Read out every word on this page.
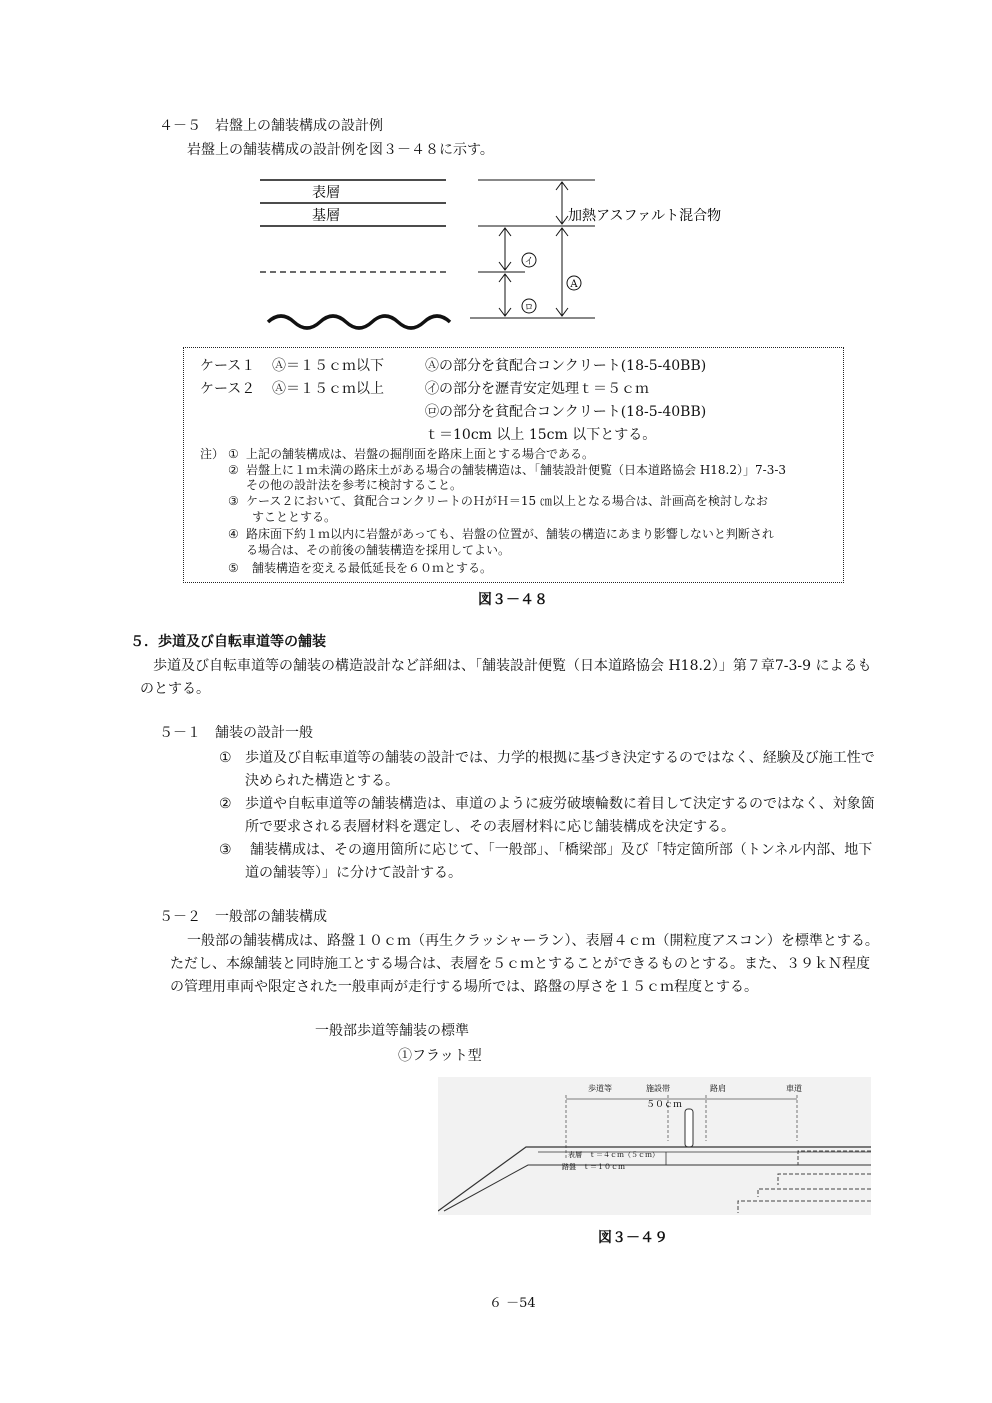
４－５　岩盤上の舗装構成の設計例
岩盤上の舗装構成の設計例を図３－４８に示す。
表層
基層	加熱アスファルト混合物
イ
ロ
A
ケース１ Ⓐ＝１５ｃｍ以下	Ⓐの部分を貧配合コンクリート(18-5-40BB)
ケース２ Ⓐ＝１５ｃｍ以上	㋑の部分を瀝青安定処理ｔ＝５ｃｍ
㋺の部分を貧配合コンクリート(18-5-40BB)
ｔ＝10cm 以上 15cm 以下とする。
注） ① 上記の舗装構成は、岩盤の掘削面を路床上面とする場合である。
② 岩盤上に１ｍ未満の路床土がある場合の舗装構造は、「舗装設計便覧（日本道路協会 H18.2）」7-3-3
その他の設計法を参考に検討すること。
③ ケース２において、貧配合コンクリートのＨがＨ＝15 ㎝以上となる場合は、計画高を検討しなお
すこととする。
④ 路床面下約１ｍ以内に岩盤があっても、岩盤の位置が、舗装の構造にあまり影響しないと判断され
る場合は、その前後の舗装構造を採用してよい。
⑤ 舗装構造を変える最低延長を６０ｍとする。
図３－４８
５．歩道及び自転車道等の舗装
歩道及び自転車道等の舗装の構造設計など詳細は、「舗装設計便覧（日本道路協会 H18.2）」第７章7-3-9 によるも
のとする。
５－１　舗装の設計一般
① 歩道及び自転車道等の舗装の設計では、力学的根拠に基づき決定するのではなく、経験及び施工性で
決められた構造とする。
② 歩道や自転車道等の舗装構造は、車道のように疲労破壊輪数に着目して決定するのではなく、対象箇
所で要求される表層材料を選定し、その表層材料に応じ舗装構成を決定する。
③ 舗装構成は、その適用箇所に応じて、「一般部」、「橋梁部」及び「特定箇所部（トンネル内部、地下
道の舗装等）」に分けて設計する。
５－２　一般部の舗装構成
一般部の舗装構成は、路盤１０ｃｍ（再生クラッシャーラン）、表層４ｃｍ（開粒度アスコン）を標準とする。
ただし、本線舗装と同時施工とする場合は、表層を５ｃｍとすることができるものとする。また、３９ｋＮ程度
の管理用車両や限定された一般車両が走行する場所では、路盤の厚さを１５ｃｍ程度とする。
一般部歩道等舗装の標準
①フラット型
歩道等	施設帯	路肩	車道
５０ｃｍ
表層　ｔ＝４ｃｍ（５ｃｍ）
路盤　ｔ＝１０ｃｍ
図３－４９
６ －54
